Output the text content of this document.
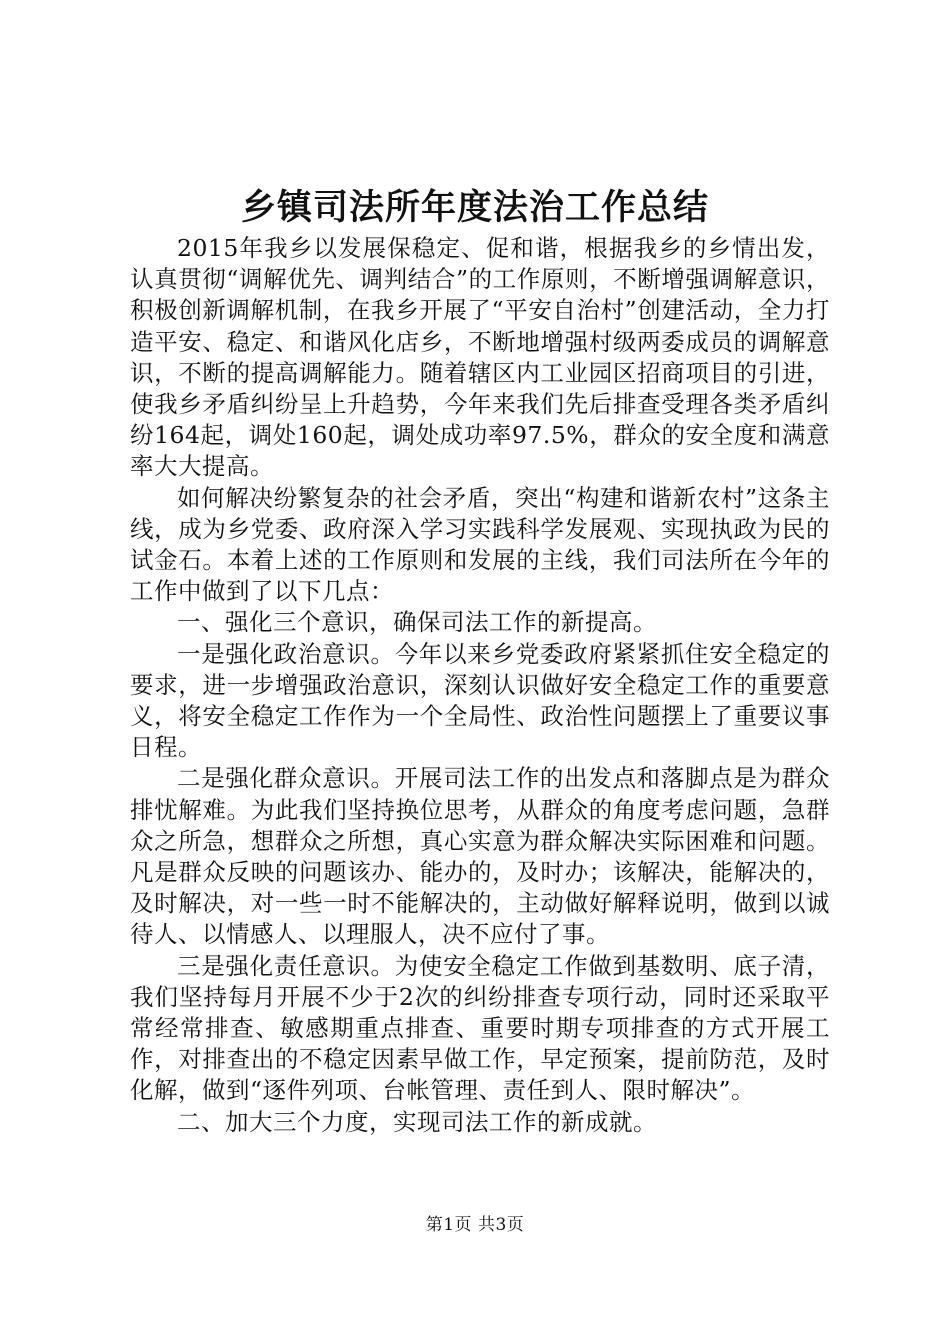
乡镇司法所年度法治工作总结

2015年我乡以发展保稳定、促和谐，根据我乡的乡情出发，认真贯彻“调解优先、调判结合”的工作原则，不断增强调解意识，积极创新调解机制，在我乡开展了“平安自治村”创建活动，全力打造平安、稳定、和谐风化店乡，不断地增强村级两委成员的调解意识，不断的提高调解能力。随着辖区内工业园区招商项目的引进，使我乡矛盾纠纷呈上升趋势，今年来我们先后排查受理各类矛盾纠纷164起，调处160起，调处成功率97.5%，群众的安全度和满意率大大提高。

如何解决纷繁复杂的社会矛盾，突出“构建和谐新农村”这条主线，成为乡党委、政府深入学习实践科学发展观、实现执政为民的试金石。本着上述的工作原则和发展的主线，我们司法所在今年的工作中做到了以下几点：

一、强化三个意识，确保司法工作的新提高。

一是强化政治意识。今年以来乡党委政府紧紧抓住安全稳定的要求，进一步增强政治意识，深刻认识做好安全稳定工作的重要意义，将安全稳定工作作为一个全局性、政治性问题摆上了重要议事日程。

二是强化群众意识。开展司法工作的出发点和落脚点是为群众排忧解难。为此我们坚持换位思考，从群众的角度考虑问题，急群众之所急，想群众之所想，真心实意为群众解决实际困难和问题。凡是群众反映的问题该办、能办的，及时办；该解决，能解决的，及时解决，对一些一时不能解决的，主动做好解释说明，做到以诚待人、以情感人、以理服人，决不应付了事。

三是强化责任意识。为使安全稳定工作做到基数明、底子清，我们坚持每月开展不少于2次的纠纷排查专项行动，同时还采取平常经常排查、敏感期重点排查、重要时期专项排查的方式开展工作，对排查出的不稳定因素早做工作，早定预案，提前防范，及时化解，做到“逐件列项、台帐管理、责任到人、限时解决”。

二、加大三个力度，实现司法工作的新成就。

第1页 共3页
